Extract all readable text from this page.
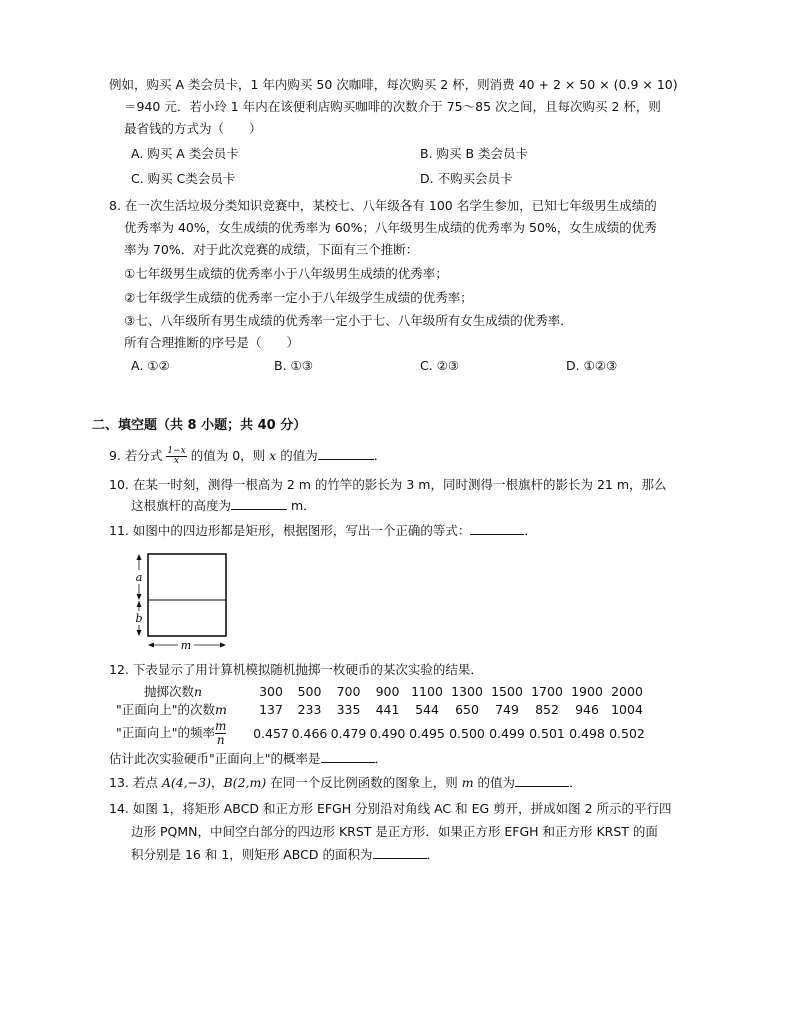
例如，购买 A 类会员卡，1 年内购买 50 次咖啡，每次购买 2 杯，则消费 40 + 2 × 50 × (0.9 × 10)
＝940 元．若小玲 1 年内在该便利店购买咖啡的次数介于 75～85 次之间，且每次购买 2 杯，则
最省钱的方式为（　　）
A. 购买 A 类会员卡	B. 购买 B 类会员卡
C. 购买 C类会员卡	D. 不购买会员卡
8. 在一次生活垃圾分类知识竞赛中，某校七、八年级各有 100 名学生参加，已知七年级男生成绩的
优秀率为 40%，女生成绩的优秀率为 60%；八年级男生成绩的优秀率为 50%，女生成绩的优秀
率为 70%．对于此次竞赛的成绩，下面有三个推断：
①七年级男生成绩的优秀率小于八年级男生成绩的优秀率；
②七年级学生成绩的优秀率一定小于八年级学生成绩的优秀率；
③七、八年级所有男生成绩的优秀率一定小于七、八年级所有女生成绩的优秀率．
所有合理推断的序号是（　　）
A. ①②	B. ①③	C. ②③	D. ①②③
二、填空题（共 8 小题；共 40 分）
9. 若分式 $\frac{1-x}{x}$ 的值为 0，则 x 的值为	．
10. 在某一时刻，测得一根高为 2 m 的竹竿的影长为 3 m，同时测得一根旗杆的影长为 21 m，那么
这根旗杆的高度为	m．
11. 如图中的四边形都是矩形，根据图形，写出一个正确的等式：	．
a
b
m
12. 下表显示了用计算机模拟随机抛掷一枚硬币的某次实验的结果．
抛掷次数n	300	500	700	900	1100	1300	1500	1700	1900	2000
"正面向上"的次数m	137	233	335	441	544	650	749	852	946	1004
"正面向上"的频率 $\frac{m}{n}$	0.457	0.466	0.479	0.490	0.495	0.500	0.499	0.501	0.498	0.502
估计此次实验硬币"正面向上"的概率是	．
13. 若点 A(4,−3)，B(2,m) 在同一个反比例函数的图象上，则 m 的值为	．
14. 如图 1，将矩形 ABCD 和正方形 EFGH 分别沿对角线 AC 和 EG 剪开，拼成如图 2 所示的平行四
边形 PQMN，中间空白部分的四边形 KRST 是正方形．如果正方形 EFGH 和正方形 KRST 的面
积分别是 16 和 1，则矩形 ABCD 的面积为	．
